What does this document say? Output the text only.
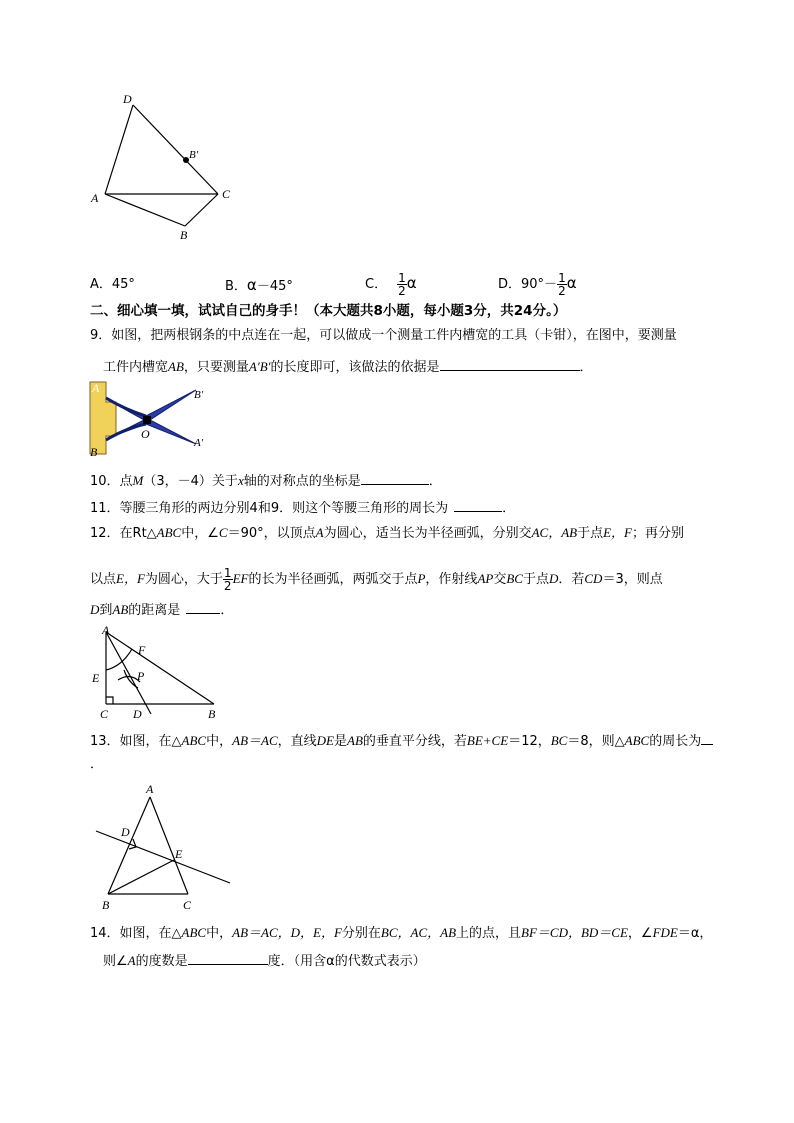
D
B′
A	C
B
A．45°	B．α－45°	C． $\frac{1}{2}$ α	D．$90^\circ- \frac{1}{2}$ α
二、细心填一填，试试自己的身手！（本大题共8小题，每小题3分，共24分。）
9．如图，把两根钢条的中点连在一起，可以做成一个测量工件内槽宽的工具（卡钳），在图中，要测量
工件内槽宽AB，只要测量A′B′的长度即可，该做法的依据是	．
A	B′
O
A′
B
10．点M（3，－4）关于x轴的对称点的坐标是	．
11．等腰三角形的两边分别4和9．则这个等腰三角形的周长为	．
12．在Rt△ABC中，∠C＝90°，以顶点A为圆心，适当长为半径画弧，分别交AC，AB于点E，F；再分别
以点E，F为圆心，大于 $\frac{1}{2}$ EF的长为半径画弧，两弧交于点P，作射线AP交BC于点D．若CD＝3，则点
D到AB的距离是	．
A
F
E	P
C D	B
13．如图，在△ABC中，AB＝AC，直线DE是AB的垂直平分线，若BE+CE＝12，BC＝8，则△ABC的周长为
．
A
D
E
B	C
14．如图，在△ABC中，AB＝AC，D，E，F分别在BC，AC，AB上的点，且BF＝CD，BD＝CE，∠FDE＝α，
则∠A的度数是	度．（用含α的代数式表示）
